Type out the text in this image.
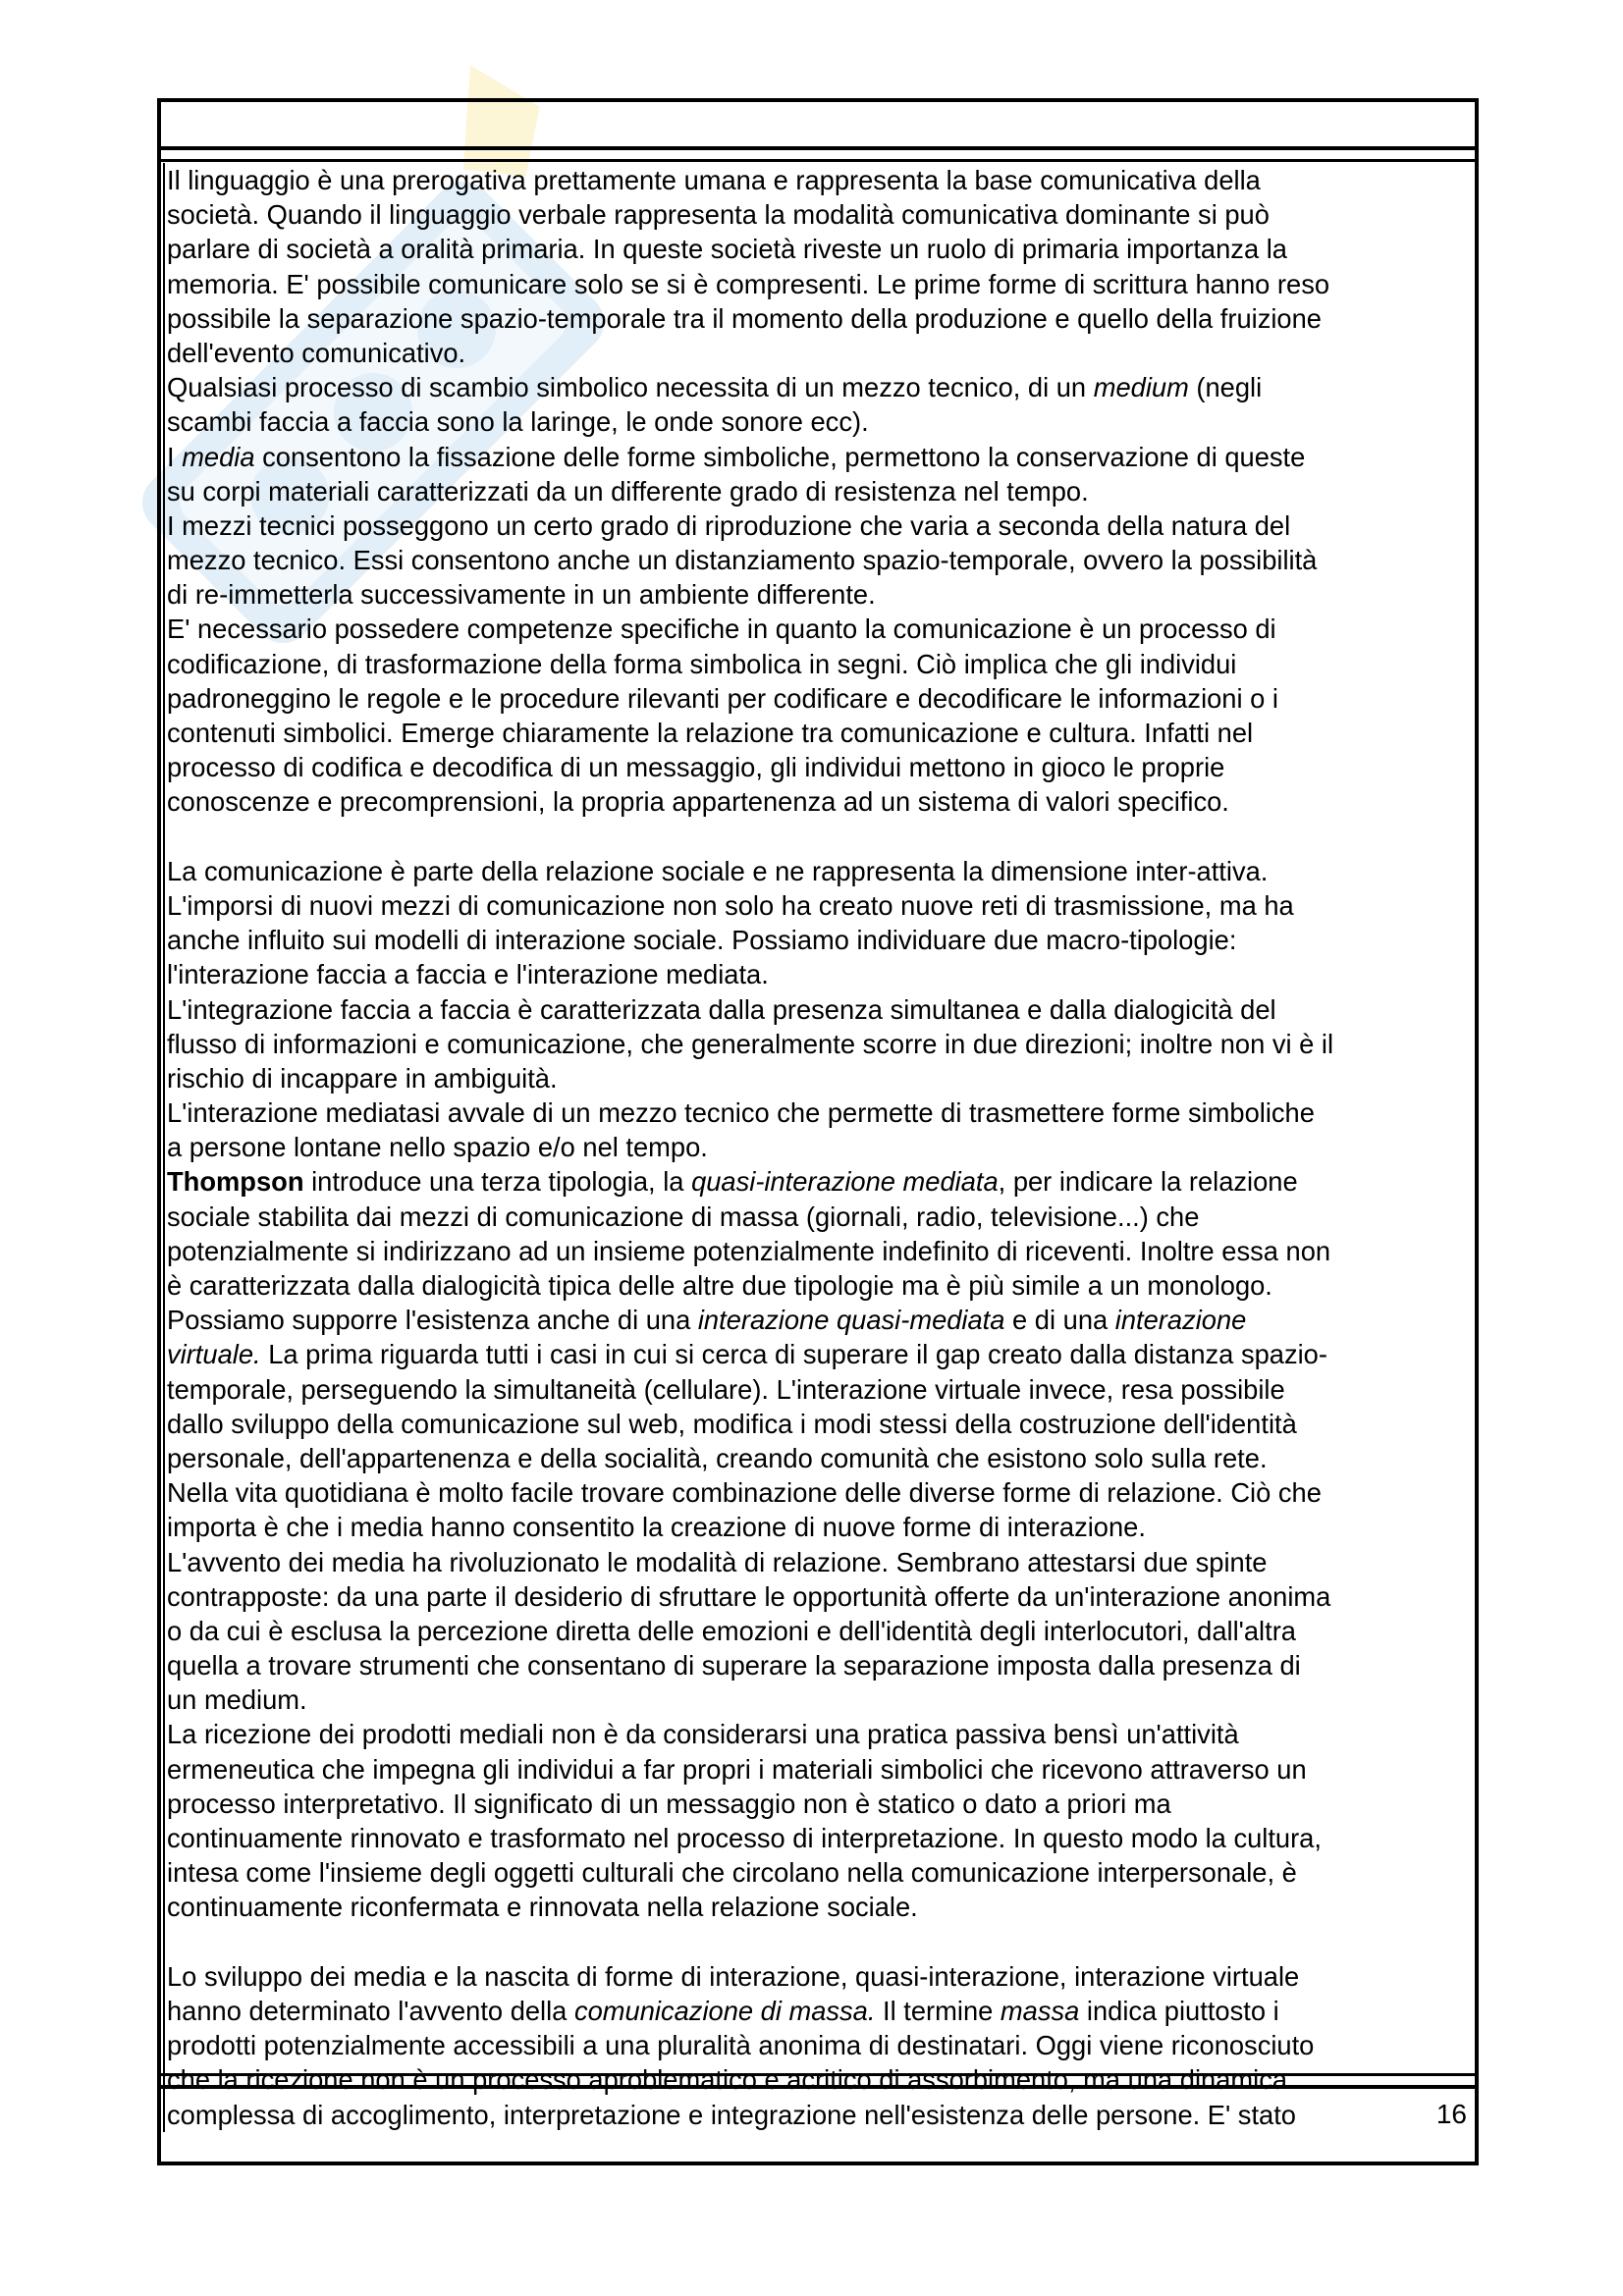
Il linguaggio è una prerogativa prettamente umana e rappresenta la base comunicativa della
società. Quando il linguaggio verbale rappresenta la modalità comunicativa dominante si può
parlare di società a oralità primaria. In queste società riveste un ruolo di primaria importanza la
memoria. E' possibile comunicare solo se si è compresenti. Le prime forme di scrittura hanno reso
possibile la separazione spazio-temporale tra il momento della produzione e quello della fruizione
dell'evento comunicativo.
Qualsiasi processo di scambio simbolico necessita di un mezzo tecnico, di un medium (negli
scambi faccia a faccia sono la laringe, le onde sonore ecc).
I media consentono la fissazione delle forme simboliche, permettono la conservazione di queste
su corpi materiali caratterizzati da un differente grado di resistenza nel tempo.
I mezzi tecnici posseggono un certo grado di riproduzione che varia a seconda della natura del
mezzo tecnico. Essi consentono anche un distanziamento spazio-temporale, ovvero la possibilità
di re-immetterla successivamente in un ambiente differente.
E' necessario possedere competenze specifiche in quanto la comunicazione è un processo di
codificazione, di trasformazione della forma simbolica in segni. Ciò implica che gli individui
padroneggino le regole e le procedure rilevanti per codificare e decodificare le informazioni o i
contenuti simbolici. Emerge chiaramente la relazione tra comunicazione e cultura. Infatti nel
processo di codifica e decodifica di un messaggio, gli individui mettono in gioco le proprie
conoscenze e precomprensioni, la propria appartenenza ad un sistema di valori specifico.
La comunicazione è parte della relazione sociale e ne rappresenta la dimensione inter-attiva.
L'imporsi di nuovi mezzi di comunicazione non solo ha creato nuove reti di trasmissione, ma ha
anche influito sui modelli di interazione sociale. Possiamo individuare due macro-tipologie:
l'interazione faccia a faccia e l'interazione mediata.
L'integrazione faccia a faccia è caratterizzata dalla presenza simultanea e dalla dialogicità del
flusso di informazioni e comunicazione, che generalmente scorre in due direzioni; inoltre non vi è il
rischio di incappare in ambiguità.
L'interazione mediatasi avvale di un mezzo tecnico che permette di trasmettere forme simboliche
a persone lontane nello spazio e/o nel tempo.
Thompson introduce una terza tipologia, la quasi-interazione mediata, per indicare la relazione
sociale stabilita dai mezzi di comunicazione di massa (giornali, radio, televisione...) che
potenzialmente si indirizzano ad un insieme potenzialmente indefinito di riceventi. Inoltre essa non
è caratterizzata dalla dialogicità tipica delle altre due tipologie ma è più simile a un monologo.
Possiamo supporre l'esistenza anche di una interazione quasi-mediata e di una interazione
virtuale. La prima riguarda tutti i casi in cui si cerca di superare il gap creato dalla distanza spazio-
temporale, perseguendo la simultaneità (cellulare). L'interazione virtuale invece, resa possibile
dallo sviluppo della comunicazione sul web, modifica i modi stessi della costruzione dell'identità
personale, dell'appartenenza e della socialità, creando comunità che esistono solo sulla rete.
Nella vita quotidiana è molto facile trovare combinazione delle diverse forme di relazione. Ciò che
importa è che i media hanno consentito la creazione di nuove forme di interazione.
L'avvento dei media ha rivoluzionato le modalità di relazione. Sembrano attestarsi due spinte
contrapposte: da una parte il desiderio di sfruttare le opportunità offerte da un'interazione anonima
o da cui è esclusa la percezione diretta delle emozioni e dell'identità degli interlocutori, dall'altra
quella a trovare strumenti che consentano di superare la separazione imposta dalla presenza di
un medium.
La ricezione dei prodotti mediali non è da considerarsi una pratica passiva bensì un'attività
ermeneutica che impegna gli individui a far propri i materiali simbolici che ricevono attraverso un
processo interpretativo. Il significato di un messaggio non è statico o dato a priori ma
continuamente rinnovato e trasformato nel processo di interpretazione. In questo modo la cultura,
intesa come l'insieme degli oggetti culturali che circolano nella comunicazione interpersonale, è
continuamente riconfermata e rinnovata nella relazione sociale.
Lo sviluppo dei media e la nascita di forme di interazione, quasi-interazione, interazione virtuale
hanno determinato l'avvento della comunicazione di massa. Il termine massa indica piuttosto i
prodotti potenzialmente accessibili a una pluralità anonima di destinatari. Oggi viene riconosciuto
che la ricezione non è un processo aproblematico e acritico di assorbimento, ma una dinamica
complessa di accoglimento, interpretazione e integrazione nell'esistenza delle persone. E' stato	16
